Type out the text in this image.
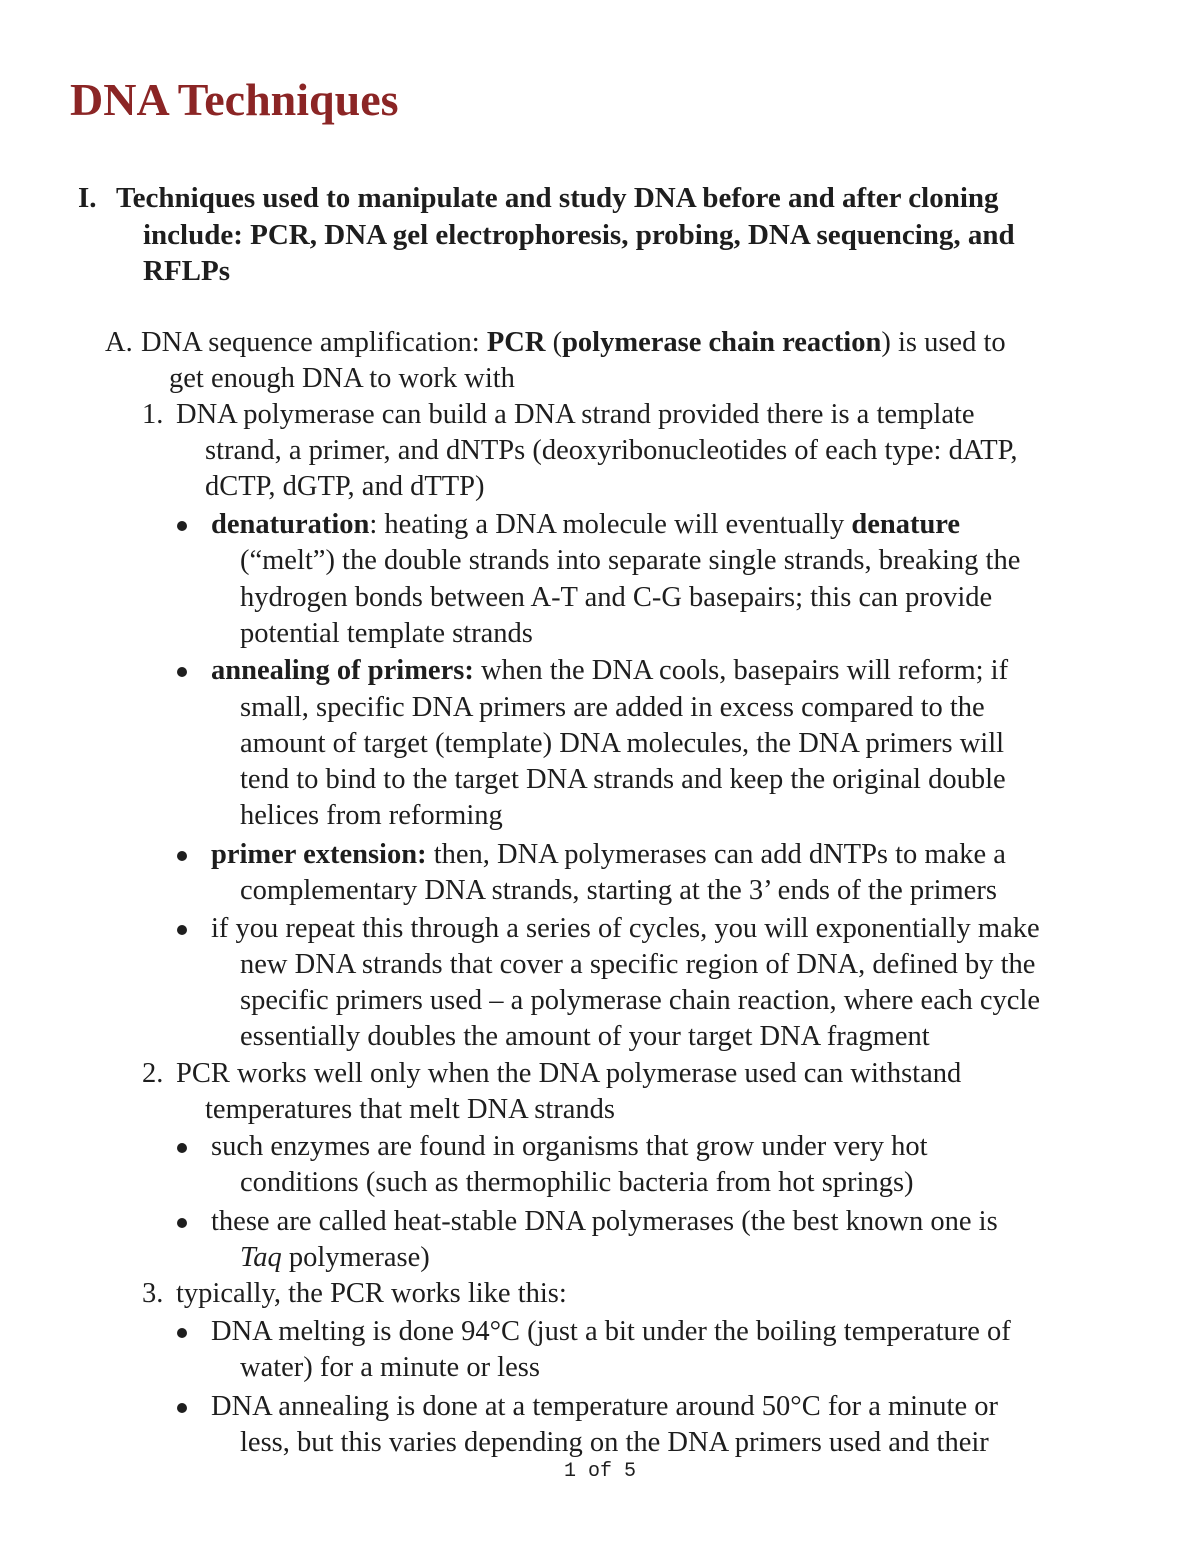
DNA Techniques
I. Techniques used to manipulate and study DNA before and after cloning
include: PCR, DNA gel electrophoresis, probing, DNA sequencing, and
RFLPs
A. DNA sequence amplification: PCR (polymerase chain reaction) is used to
get enough DNA to work with
1. DNA polymerase can build a DNA strand provided there is a template
strand, a primer, and dNTPs (deoxyribonucleotides of each type: dATP,
dCTP, dGTP, and dTTP)
denaturation: heating a DNA molecule will eventually denature
(“melt”) the double strands into separate single strands, breaking the
hydrogen bonds between A-T and C-G basepairs; this can provide
potential template strands
annealing of primers: when the DNA cools, basepairs will reform; if
small, specific DNA primers are added in excess compared to the
amount of target (template) DNA molecules, the DNA primers will
tend to bind to the target DNA strands and keep the original double
helices from reforming
primer extension: then, DNA polymerases can add dNTPs to make a
complementary DNA strands, starting at the 3’ ends of the primers
if you repeat this through a series of cycles, you will exponentially make
new DNA strands that cover a specific region of DNA, defined by the
specific primers used – a polymerase chain reaction, where each cycle
essentially doubles the amount of your target DNA fragment
2. PCR works well only when the DNA polymerase used can withstand
temperatures that melt DNA strands
such enzymes are found in organisms that grow under very hot
conditions (such as thermophilic bacteria from hot springs)
these are called heat-stable DNA polymerases (the best known one is
Taq polymerase)
3. typically, the PCR works like this:
DNA melting is done 94°C (just a bit under the boiling temperature of
water) for a minute or less
DNA annealing is done at a temperature around 50°C for a minute or
less, but this varies depending on the DNA primers used and their
1 of 5
